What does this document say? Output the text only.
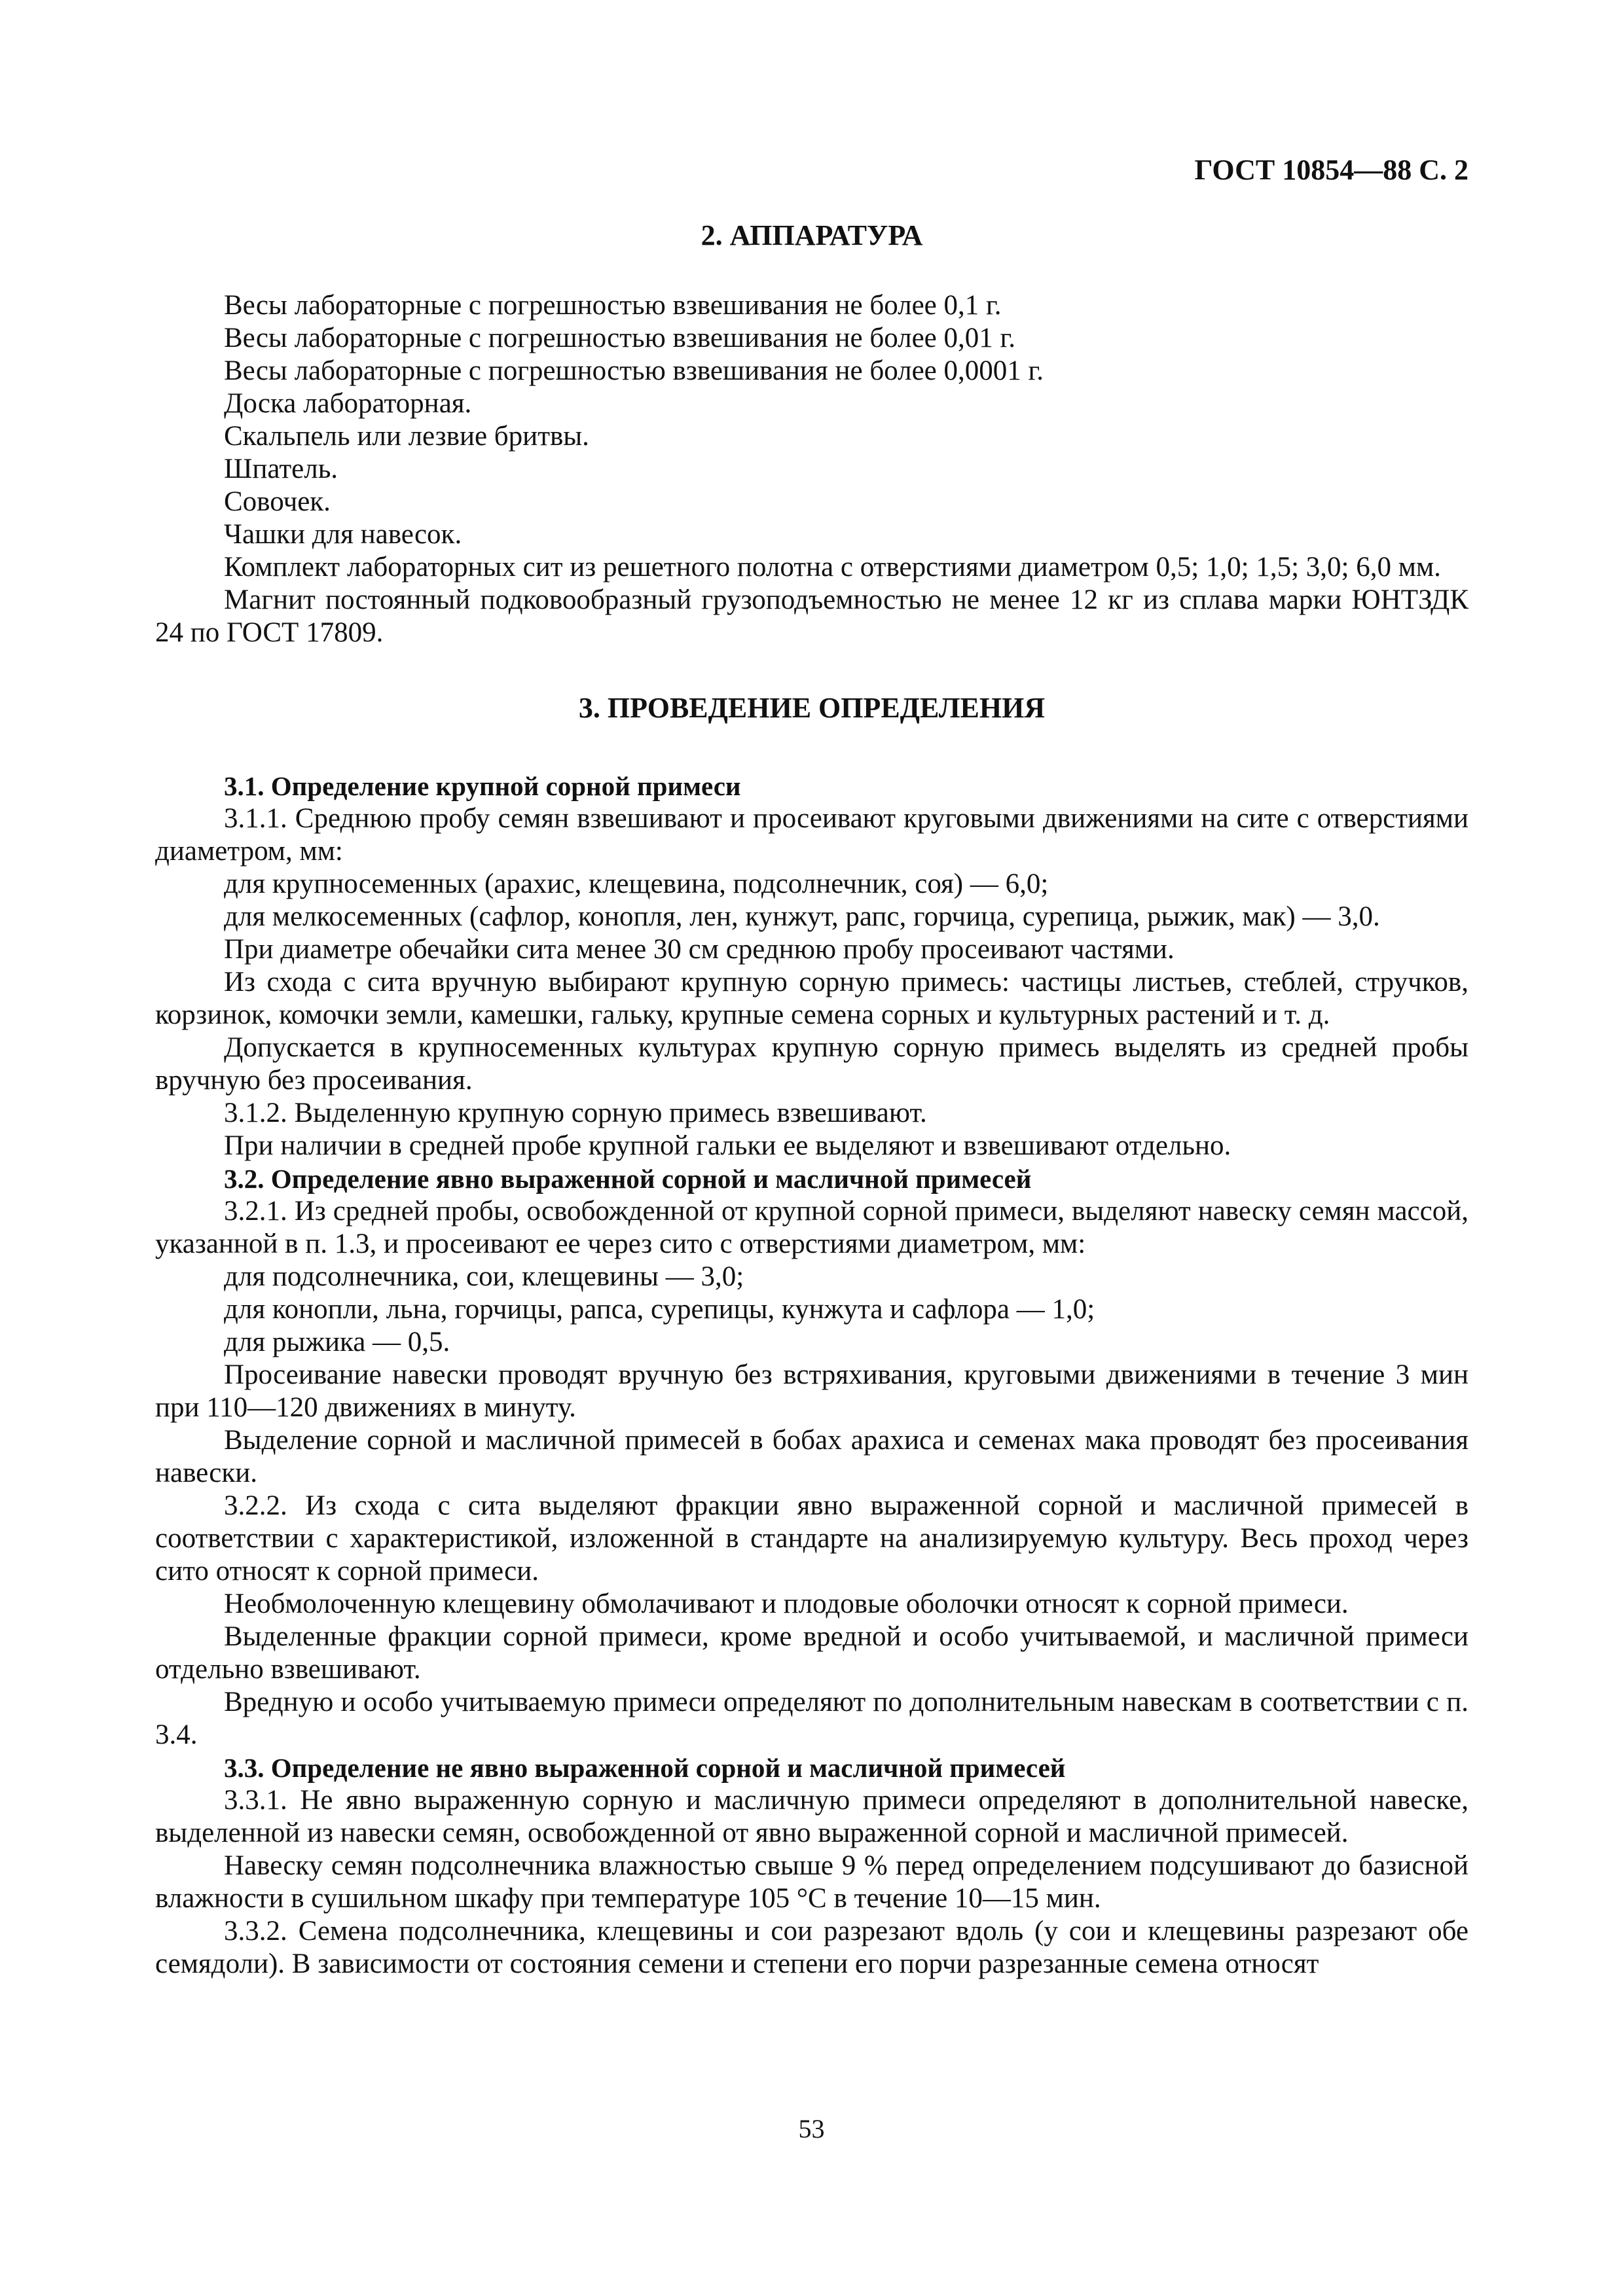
ГОСТ 10854—88 С. 2
2. АППАРАТУРА

Весы лабораторные с погрешностью взвешивания не более 0,1 г.

Весы лабораторные с погрешностью взвешивания не более 0,01 г.

Весы лабораторные с погрешностью взвешивания не более 0,0001 г.

Доска лабораторная.

Скальпель или лезвие бритвы.

Шпатель.

Совочек.

Чашки для навесок.

Комплект лабораторных сит из решетного полотна с отверстиями диаметром 0,5; 1,0; 1,5; 3,0; 6,0 мм.

Магнит постоянный подковообразный грузоподъемностью не менее 12 кг из сплава марки ЮНТЗДК 24 по ГОСТ 17809.

3. ПРОВЕДЕНИЕ ОПРЕДЕЛЕНИЯ

3.1. Определение крупной сорной примеси

3.1.1. Среднюю пробу семян взвешивают и просеивают круговыми движениями на сите с отверстиями диаметром, мм:

для крупносеменных (арахис, клещевина, подсолнечник, соя) — 6,0;

для мелкосеменных (сафлор, конопля, лен, кунжут, рапс, горчица, сурепица, рыжик, мак) — 3,0.

При диаметре обечайки сита менее 30 см среднюю пробу просеивают частями.

Из схода с сита вручную выбирают крупную сорную примесь: частицы листьев, стеблей, стручков, корзинок, комочки земли, камешки, гальку, крупные семена сорных и культурных растений и т. д.

Допускается в крупносеменных культурах крупную сорную примесь выделять из средней пробы вручную без просеивания.

3.1.2. Выделенную крупную сорную примесь взвешивают.

При наличии в средней пробе крупной гальки ее выделяют и взвешивают отдельно.

3.2. Определение явно выраженной сорной и масличной примесей

3.2.1. Из средней пробы, освобожденной от крупной сорной примеси, выделяют навеску семян массой, указанной в п. 1.3, и просеивают ее через сито с отверстиями диаметром, мм:

для подсолнечника, сои, клещевины — 3,0;

для конопли, льна, горчицы, рапса, сурепицы, кунжута и сафлора — 1,0;

для рыжика — 0,5.

Просеивание навески проводят вручную без встряхивания, круговыми движениями в течение 3 мин при 110—120 движениях в минуту.

Выделение сорной и масличной примесей в бобах арахиса и семенах мака проводят без просеивания навески.

3.2.2. Из схода с сита выделяют фракции явно выраженной сорной и масличной примесей в соответствии с характеристикой, изложенной в стандарте на анализируемую культуру. Весь проход через сито относят к сорной примеси.

Необмолоченную клещевину обмолачивают и плодовые оболочки относят к сорной примеси.

Выделенные фракции сорной примеси, кроме вредной и особо учитываемой, и масличной примеси отдельно взвешивают.

Вредную и особо учитываемую примеси определяют по дополнительным навескам в соответствии с п. 3.4.

3.3. Определение не явно выраженной сорной и масличной примесей

3.3.1. Не явно выраженную сорную и масличную примеси определяют в дополнительной навеске, выделенной из навески семян, освобожденной от явно выраженной сорной и масличной примесей.

Навеску семян подсолнечника влажностью свыше 9 % перед определением подсушивают до базисной влажности в сушильном шкафу при температуре 105 °С в течение 10—15 мин.

3.3.2. Семена подсолнечника, клещевины и сои разрезают вдоль (у сои и клещевины разрезают обе семядоли). В зависимости от состояния семени и степени его порчи разрезанные семена относят

53
